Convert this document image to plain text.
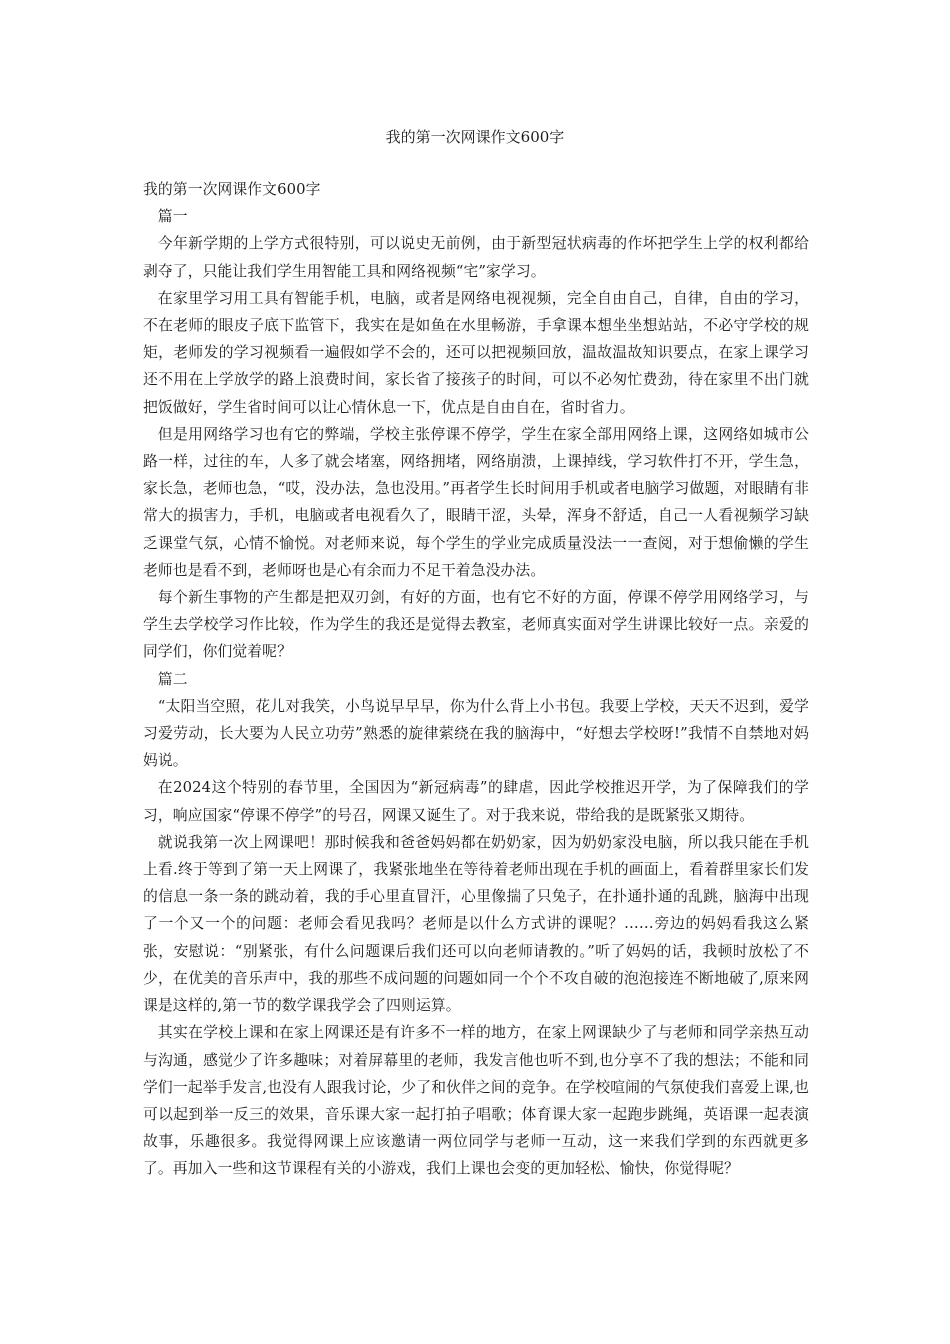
我的第一次网课作文600字

我的第一次网课作文600字

篇一

今年新学期的上学方式很特别，可以说史无前例，由于新型冠状病毒的作坏把学生上学的权利都给剥夺了，只能让我们学生用智能工具和网络视频“宅”家学习。

在家里学习用工具有智能手机，电脑，或者是网络电视视频，完全自由自己，自律，自由的学习，不在老师的眼皮子底下监管下，我实在是如鱼在水里畅游，手拿课本想坐坐想站站，不必守学校的规矩，老师发的学习视频看一遍假如学不会的，还可以把视频回放，温故温故知识要点，在家上课学习还不用在上学放学的路上浪费时间，家长省了接孩子的时间，可以不必匆忙费劲，待在家里不出门就把饭做好，学生省时间可以让心情休息一下，优点是自由自在，省时省力。

但是用网络学习也有它的弊端，学校主张停课不停学，学生在家全部用网络上课，这网络如城市公路一样，过往的车，人多了就会堵塞，网络拥堵，网络崩溃，上课掉线，学习软件打不开，学生急，家长急，老师也急，“哎，没办法，急也没用。”再者学生长时间用手机或者电脑学习做题，对眼睛有非常大的损害力，手机，电脑或者电视看久了，眼睛干涩，头晕，浑身不舒适，自己一人看视频学习缺乏课堂气氛，心情不愉悦。对老师来说，每个学生的学业完成质量没法一一查阅，对于想偷懒的学生老师也是看不到，老师呀也是心有余而力不足干着急没办法。

每个新生事物的产生都是把双刃剑，有好的方面，也有它不好的方面，停课不停学用网络学习，与学生去学校学习作比较，作为学生的我还是觉得去教室，老师真实面对学生讲课比较好一点。亲爱的同学们，你们觉着呢？

篇二

“太阳当空照，花儿对我笑，小鸟说早早早，你为什么背上小书包。我要上学校，天天不迟到，爱学习爱劳动，长大要为人民立功劳”熟悉的旋律萦绕在我的脑海中，“好想去学校呀!”我情不自禁地对妈妈说。

在2024这个特别的春节里，全国因为“新冠病毒”的肆虐，因此学校推迟开学，为了保障我们的学习，响应国家“停课不停学”的号召，网课又诞生了。对于我来说，带给我的是既紧张又期待。

就说我第一次上网课吧！那时候我和爸爸妈妈都在奶奶家，因为奶奶家没电脑，所以我只能在手机上看.终于等到了第一天上网课了，我紧张地坐在等待着老师出现在手机的画面上，看着群里家长们发的信息一条一条的跳动着，我的手心里直冒汗，心里像揣了只兔子，在扑通扑通的乱跳，脑海中出现了一个又一个的问题：老师会看见我吗？老师是以什么方式讲的课呢？……旁边的妈妈看我这么紧张，安慰说：“别紧张，有什么问题课后我们还可以向老师请教的。”听了妈妈的话，我顿时放松了不少，在优美的音乐声中，我的那些不成问题的问题如同一个个不攻自破的泡泡接连不断地破了,原来网课是这样的,第一节的数学课我学会了四则运算。

其实在学校上课和在家上网课还是有许多不一样的地方，在家上网课缺少了与老师和同学亲热互动与沟通，感觉少了许多趣味；对着屏幕里的老师，我发言他也听不到,也分享不了我的想法；不能和同学们一起举手发言,也没有人跟我讨论，少了和伙伴之间的竞争。在学校喧闹的气氛使我们喜爱上课,也可以起到举一反三的效果，音乐课大家一起打拍子唱歌；体育课大家一起跑步跳绳，英语课一起表演故事，乐趣很多。我觉得网课上应该邀请一两位同学与老师一互动，这一来我们学到的东西就更多了。再加入一些和这节课程有关的小游戏，我们上课也会变的更加轻松、愉快，你觉得呢？
